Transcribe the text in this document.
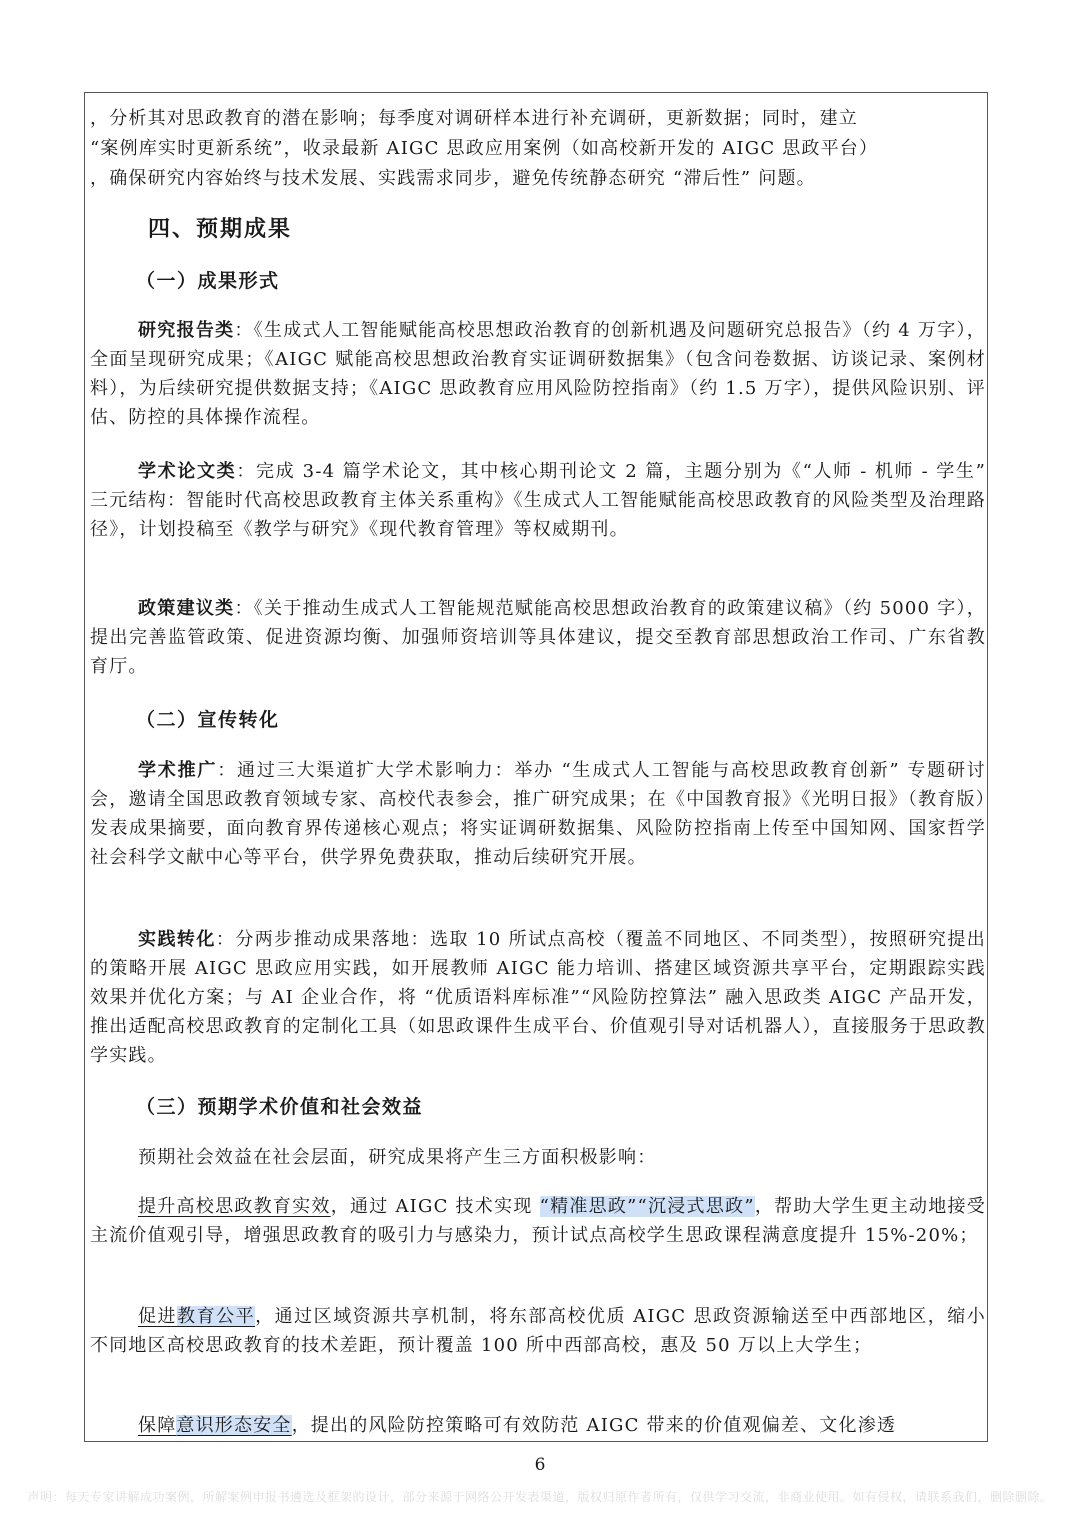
，分析其对思政教育的潜在影响；每季度对调研样本进行补充调研，更新数据；同时，建立

“案例库实时更新系统”，收录最新 AIGC 思政应用案例（如高校新开发的 AIGC 思政平台）

，确保研究内容始终与技术发展、实践需求同步，避免传统静态研究 “滞后性” 问题。

四、预期成果
（一）成果形式

研究报告类：《生成式人工智能赋能高校思想政治教育的创新机遇及问题研究总报告》（约 4 万字），全面呈现研究成果；《AIGC 赋能高校思想政治教育实证调研数据集》（包含问卷数据、访谈记录、案例材料），为后续研究提供数据支持；《AIGC 思政教育应用风险防控指南》（约 1.5 万字），提供风险识别、评估、防控的具体操作流程。

学术论文类：完成 3-4 篇学术论文，其中核心期刊论文 2 篇，主题分别为《“人师 - 机师 - 学生” 三元结构：智能时代高校思政教育主体关系重构》《生成式人工智能赋能高校思政教育的风险类型及治理路径》，计划投稿至《教学与研究》《现代教育管理》等权威期刊。

政策建议类：《关于推动生成式人工智能规范赋能高校思想政治教育的政策建议稿》（约 5000 字），提出完善监管政策、促进资源均衡、加强师资培训等具体建议，提交至教育部思想政治工作司、广东省教育厅。

（二）宣传转化

学术推广：通过三大渠道扩大学术影响力：举办 “生成式人工智能与高校思政教育创新” 专题研讨会，邀请全国思政教育领域专家、高校代表参会，推广研究成果；在《中国教育报》《光明日报》（教育版）发表成果摘要，面向教育界传递核心观点；将实证调研数据集、风险防控指南上传至中国知网、国家哲学社会科学文献中心等平台，供学界免费获取，推动后续研究开展。

实践转化：分两步推动成果落地：选取 10 所试点高校（覆盖不同地区、不同类型），按照研究提出的策略开展 AIGC 思政应用实践，如开展教师 AIGC 能力培训、搭建区域资源共享平台，定期跟踪实践效果并优化方案；与 AI 企业合作，将 “优质语料库标准”“风险防控算法” 融入思政类 AIGC 产品开发，推出适配高校思政教育的定制化工具（如思政课件生成平台、价值观引导对话机器人），直接服务于思政教学实践。

（三）预期学术价值和社会效益

预期社会效益在社会层面，研究成果将产生三方面积极影响：

提升高校思政教育实效，通过 AIGC 技术实现 “精准思政”“沉浸式思政”，帮助大学生更主动地接受主流价值观引导，增强思政教育的吸引力与感染力，预计试点高校学生思政课程满意度提升 15%-20%；

促进教育公平，通过区域资源共享机制，将东部高校优质 AIGC 思政资源输送至中西部地区，缩小不同地区高校思政教育的技术差距，预计覆盖 100 所中西部高校，惠及 50 万以上大学生；

保障意识形态安全，提出的风险防控策略可有效防范 AIGC 带来的价值观偏差、文化渗透

6
声明：每天专家讲解成功案例，所解案例申报书遴选及框架的设计，部分来源于网络公开发表渠道，版权归原作者所有，仅供学习交流，非商业使用。如有侵权，请联系我们，删除删除。
